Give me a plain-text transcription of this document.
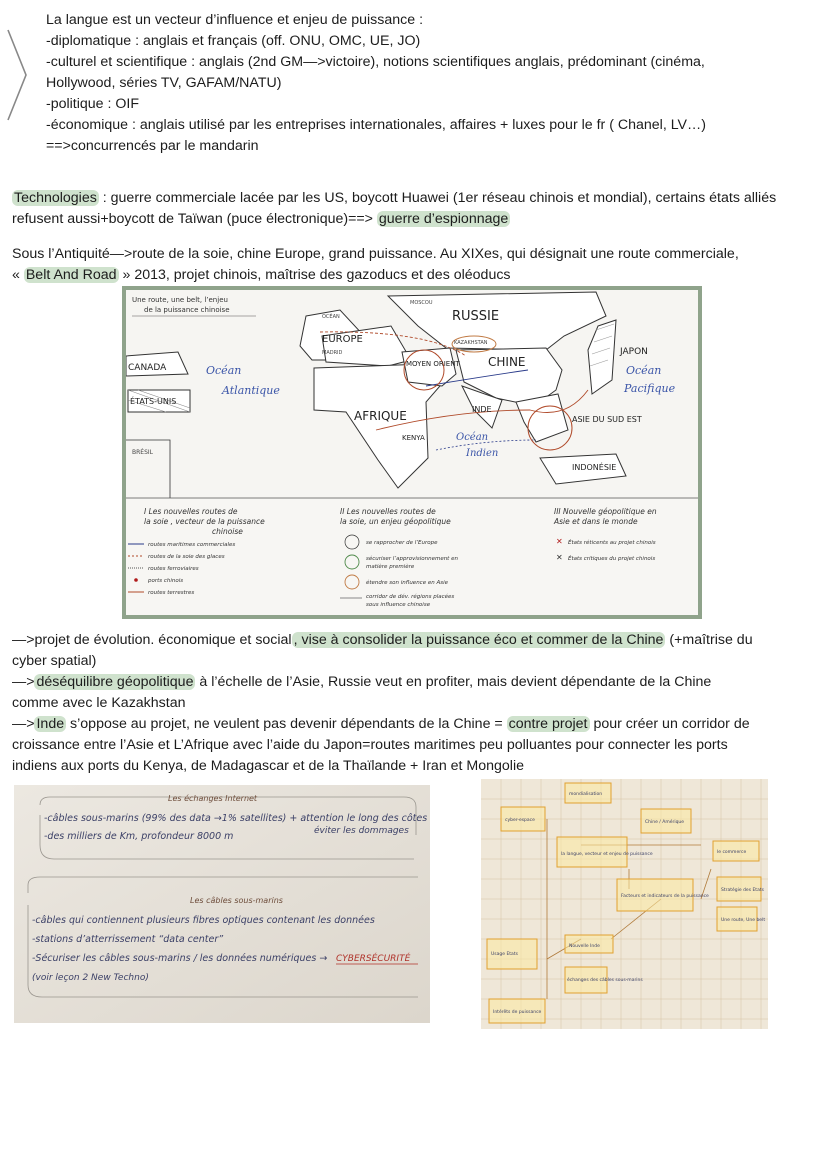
La langue est un vecteur d’influence et enjeu de puissance :
-diplomatique : anglais et français (off. ONU, OMC, UE, JO)
-culturel et scientifique : anglais (2nd GM—>victoire), notions scientifiques anglais, prédominant (cinéma,
Hollywood, séries TV, GAFAM/NATU)
-politique : OIF
-économique : anglais utilisé par les entreprises internationales, affaires + luxes pour le fr ( Chanel, LV…)
==>concurrencés par le mandarin
Technologies : guerre commerciale lacée par les US, boycott Huawei (1er réseau chinois et mondial), certains états alliés
refusent aussi+boycott de Taïwan (puce électronique)==> guerre d’espionnage
Sous l’Antiquité—>route de la soie, chine Europe, grand puissance. Au XIXes, qui désignait une route commerciale,
« Belt And Road » 2013, projet chinois, maîtrise des gazoducs et des oléoducs
Une route, une belt, l’enjeu
de la puissance chinoise
EUROPE
OCÉAN
MADRID
MOSCOU
RUSSIE
KAZAKHSTAN
CANADA
ÉTATS-UNIS
Océan
Atlantique
MOYEN ORIENT CHINE
JAPON
Océan
Pacifique
AFRIQUE	INDE
ASIE DU SUD EST
BRÉSIL
KENYA	Océan
Indien
INDONÉSIE
I Les nouvelles routes de
la soie , vecteur de la puissance
chinoise
routes maritimes commerciales
routes de la soie des glaces
routes ferroviaires
ports chinois
routes terrestres
II Les nouvelles routes de
la soie, un enjeu géopolitique
se rapprocher de l’Europe
sécuriser l’approvisionnement en
matière première
étendre son influence en Asie
corridor de dév. régions placées
sous influence chinoise
III Nouvelle géopolitique en
Asie et dans le monde
✕ États réticents au projet chinois
✕ États critiques du projet chinois
—>projet de évolution. économique et social , vise à consolider la puissance éco et commer de la Chine (+maîtrise du
cyber spatial)
—> déséquilibre géopolitique à l’échelle de l’Asie, Russie veut en profiter, mais devient dépendante de la Chine
comme avec le Kazakhstan
—> Inde s’oppose au projet, ne veulent pas devenir dépendants de la Chine = contre projet pour créer un corridor de
croissance entre l’Asie et L’Afrique avec l’aide du Japon=routes maritimes peu polluantes pour connecter les ports
indiens aux ports du Kenya, de Madagascar et de la Thaïlande + Iran et Mongolie
Les échanges Internet
-câbles sous-marins (99% des data →1% satellites) + attention le long des côtes
-des milliers de Km, profondeur 8000 m	éviter les dommages
Les câbles sous-marins
-câbles qui contiennent plusieurs fibres optiques contenant les données
-stations d’atterrissement “data center”
-Sécuriser les câbles sous-marins / les données numériques → CYBERSÉCURITÉ
(voir leçon 2 New Techno)
mondialisation
cyber-espace	Chine / Amérique
la langue, vecteur et enjeu de puissance	le commerce
Facteurs et indicateurs de la puissance
Stratégie des Etats
Une route, Une belt
Usage Etats
Nouvelle Inde
échanges des câbles sous-marins
Intérêts de puissance
